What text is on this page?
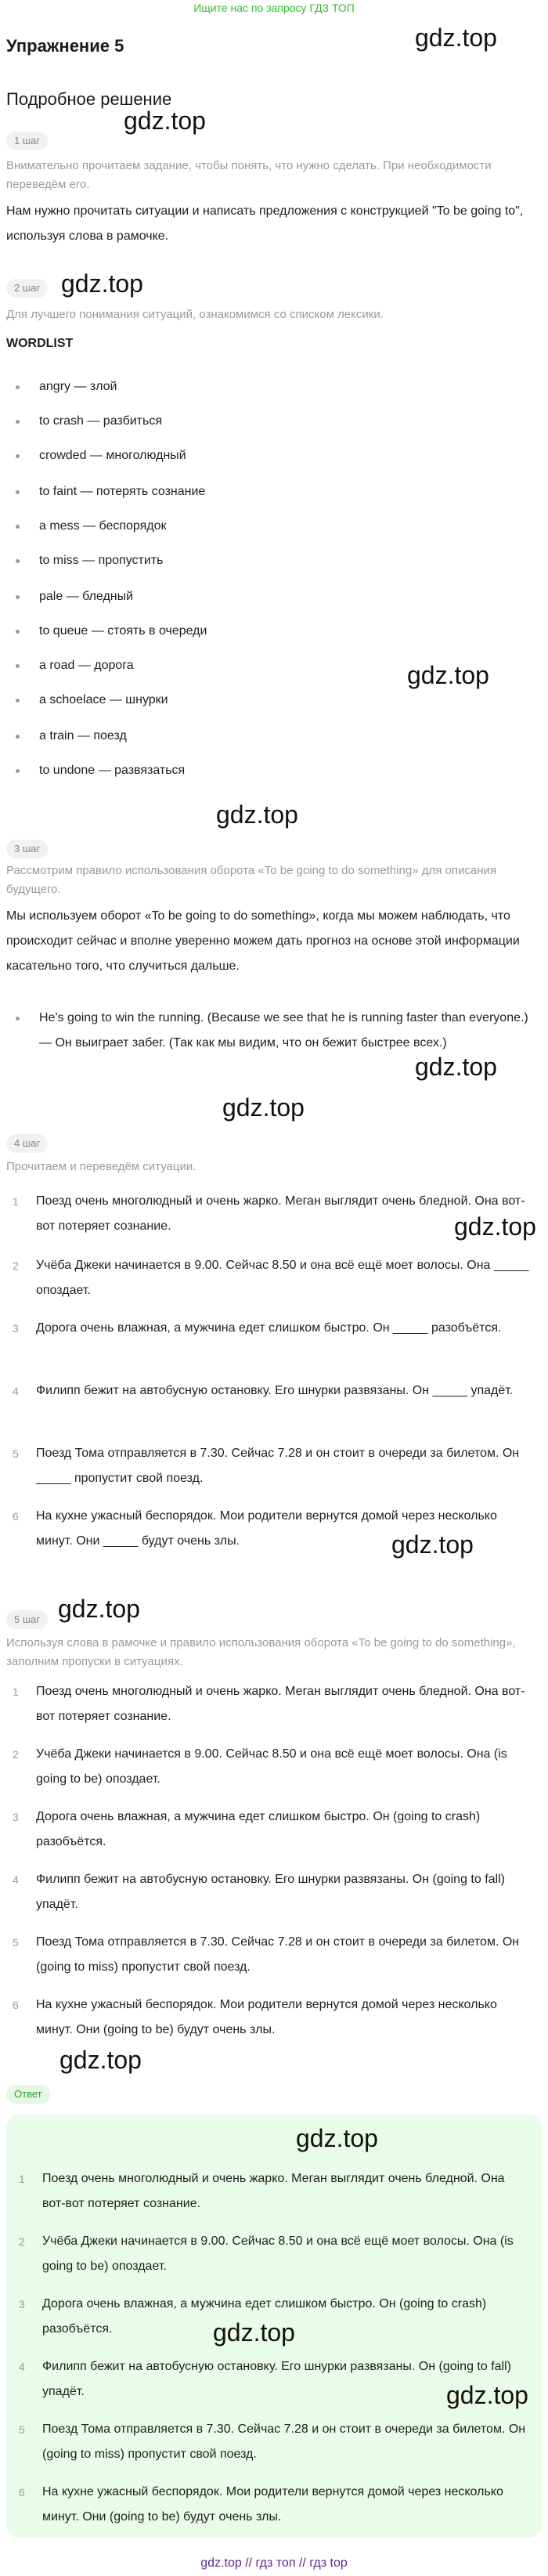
Ищите нас по запросу ГДЗ ТОП
Упражнение 5	gdz.top
Подробное решение
gdz.top
1 шаг
Внимательно прочитаем задание, чтобы понять, что нужно сделать. При необходимости переведём его.
Нам нужно прочитать ситуации и написать предложения с конструкцией "To be going to", используя слова в рамочке.
2 шаг gdz.top
Для лучшего понимания ситуаций, ознакомимся со списком лексики.
WORDLIST
angry — злой
to crash — разбиться
crowded — многолюдный
to faint — потерять сознание
a mess — беспорядок
to miss — пропустить
pale — бледный
to queue — стоять в очереди
a road — дорога	gdz.top
a schoelace — шнурки
a train — поезд
to undone — развязаться
gdz.top
3 шаг
Рассмотрим правило использования оборота «To be going to do something» для описания будущего.
Мы используем оборот «To be going to do something», когда мы можем наблюдать, что происходит сейчас и вполне уверенно можем дать прогноз на основе этой информации касательно того, что случиться дальше.
He's going to win the running. (Because we see that he is running faster than everyone.) — Он выиграет забег. (Так как мы видим, что он бежит быстрее всех.)
gdz.top
gdz.top
4 шаг
Прочитаем и переведём ситуации.
1	Поезд очень многолюдный и очень жарко. Меган выглядит очень бледной. Она вот-вот потеряет сознание.	gdz.top
2	Учёба Джеки начинается в 9.00. Сейчас 8.50 и она всё ещё моет волосы. Она _____ опоздает.
3	Дорога очень влажная, а мужчина едет слишком быстро. Он _____ разобъётся.
4	Филипп бежит на автобусную остановку. Его шнурки развязаны. Он _____ упадёт.
5	Поезд Тома отправляется в 7.30. Сейчас 7.28 и он стоит в очереди за билетом. Он _____ пропустит свой поезд.
6	На кухне ужасный беспорядок. Мои родители вернутся домой через несколько минут. Они _____ будут очень злы.	gdz.top
5 шаг gdz.top
Используя слова в рамочке и правило использования оборота «To be going to do something», заполним пропуски в ситуациях.
1	Поезд очень многолюдный и очень жарко. Меган выглядит очень бледной. Она вот-вот потеряет сознание.
2	Учёба Джеки начинается в 9.00. Сейчас 8.50 и она всё ещё моет волосы. Она (is going to be) опоздает.
3	Дорога очень влажная, а мужчина едет слишком быстро. Он (going to crash) разобъётся.
4	Филипп бежит на автобусную остановку. Его шнурки развязаны. Он (going to fall) упадёт.
5	Поезд Тома отправляется в 7.30. Сейчас 7.28 и он стоит в очереди за билетом. Он (going to miss) пропустит свой поезд.
6	На кухне ужасный беспорядок. Мои родители вернутся домой через несколько минут. Они (going to be) будут очень злы.
gdz.top
Ответ
gdz.top
1	Поезд очень многолюдный и очень жарко. Меган выглядит очень бледной. Она вот-вот потеряет сознание.
2	Учёба Джеки начинается в 9.00. Сейчас 8.50 и она всё ещё моет волосы. Она (is going to be) опоздает.
3	Дорога очень влажная, а мужчина едет слишком быстро. Он (going to crash) разобъётся.	gdz.top
4	Филипп бежит на автобусную остановку. Его шнурки развязаны. Он (going to fall) упадёт.	gdz.top
5	Поезд Тома отправляется в 7.30. Сейчас 7.28 и он стоит в очереди за билетом. Он (going to miss) пропустит свой поезд.
6	На кухне ужасный беспорядок. Мои родители вернутся домой через несколько минут. Они (going to be) будут очень злы.
gdz.top // гдз топ // гдз top
